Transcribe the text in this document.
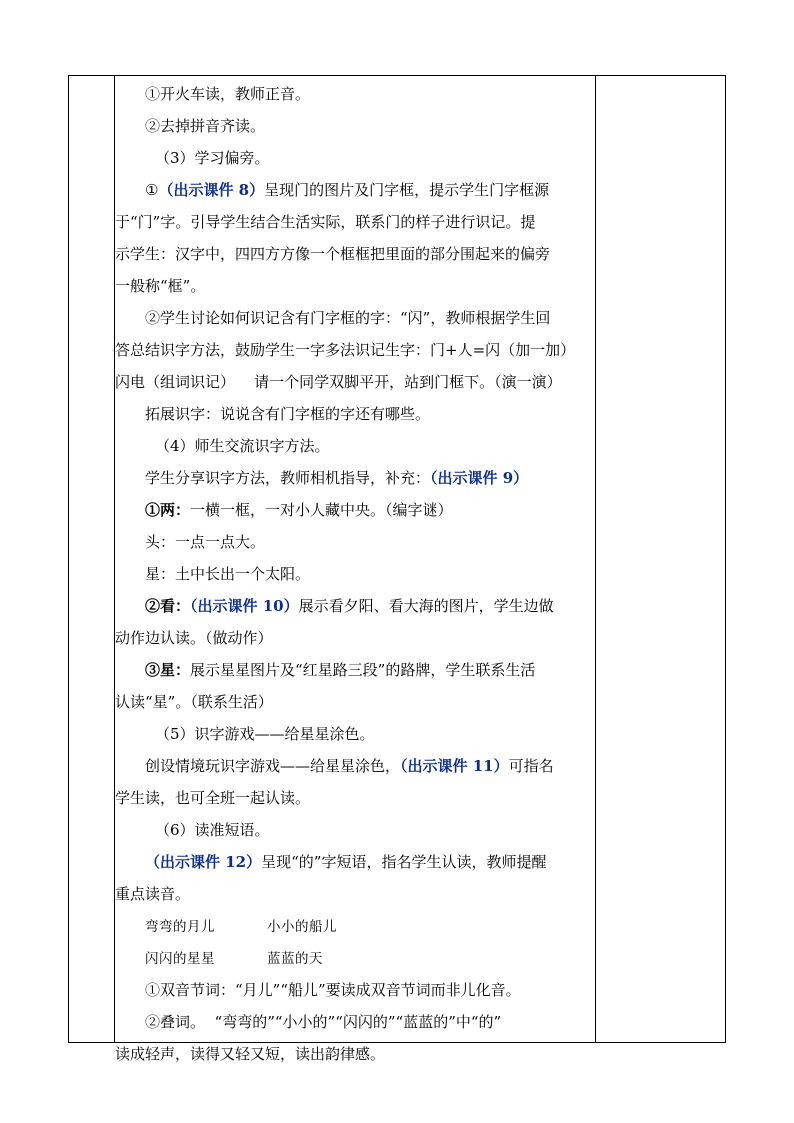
①开火车读，教师正音。
②去掉拼音齐读。
（3）学习偏旁。
①（出示课件 8）呈现门的图片及门字框，提示学生门字框源
于“门”字。引导学生结合生活实际，联系门的样子进行识记。提
示学生：汉字中，四四方方像一个框框把里面的部分围起来的偏旁
一般称“框”。
②学生讨论如何识记含有门字框的字：“闪”，教师根据学生回
答总结识字方法，鼓励学生一字多法识记生字：门+人=闪（加一加）
闪电（组词识记）    请一个同学双脚平开，站到门框下。（演一演）
拓展识字：说说含有门字框的字还有哪些。
（4）师生交流识字方法。
学生分享识字方法，教师相机指导，补充：（出示课件 9）
①两：一横一框，一对小人藏中央。（编字谜）
头：一点一点大。
星：土中长出一个太阳。
②看：（出示课件 10）展示看夕阳、看大海的图片，学生边做
动作边认读。（做动作）
③星：展示星星图片及“红星路三段”的路牌，学生联系生活
认读“星”。（联系生活）
（5）识字游戏——给星星涂色。
创设情境玩识字游戏——给星星涂色，（出示课件 11）可指名
学生读，也可全班一起认读。
（6）读准短语。
（出示课件 12）呈现“的”字短语，指名学生认读，教师提醒
重点读音。
弯弯的月儿	小小的船儿
闪闪的星星	蓝蓝的天
①双音节词：“月儿”“船儿”要读成双音节词而非儿化音。
②叠词。  “弯弯的”“小小的”“闪闪的”“蓝蓝的”中“的”
读成轻声，读得又轻又短，读出韵律感。
